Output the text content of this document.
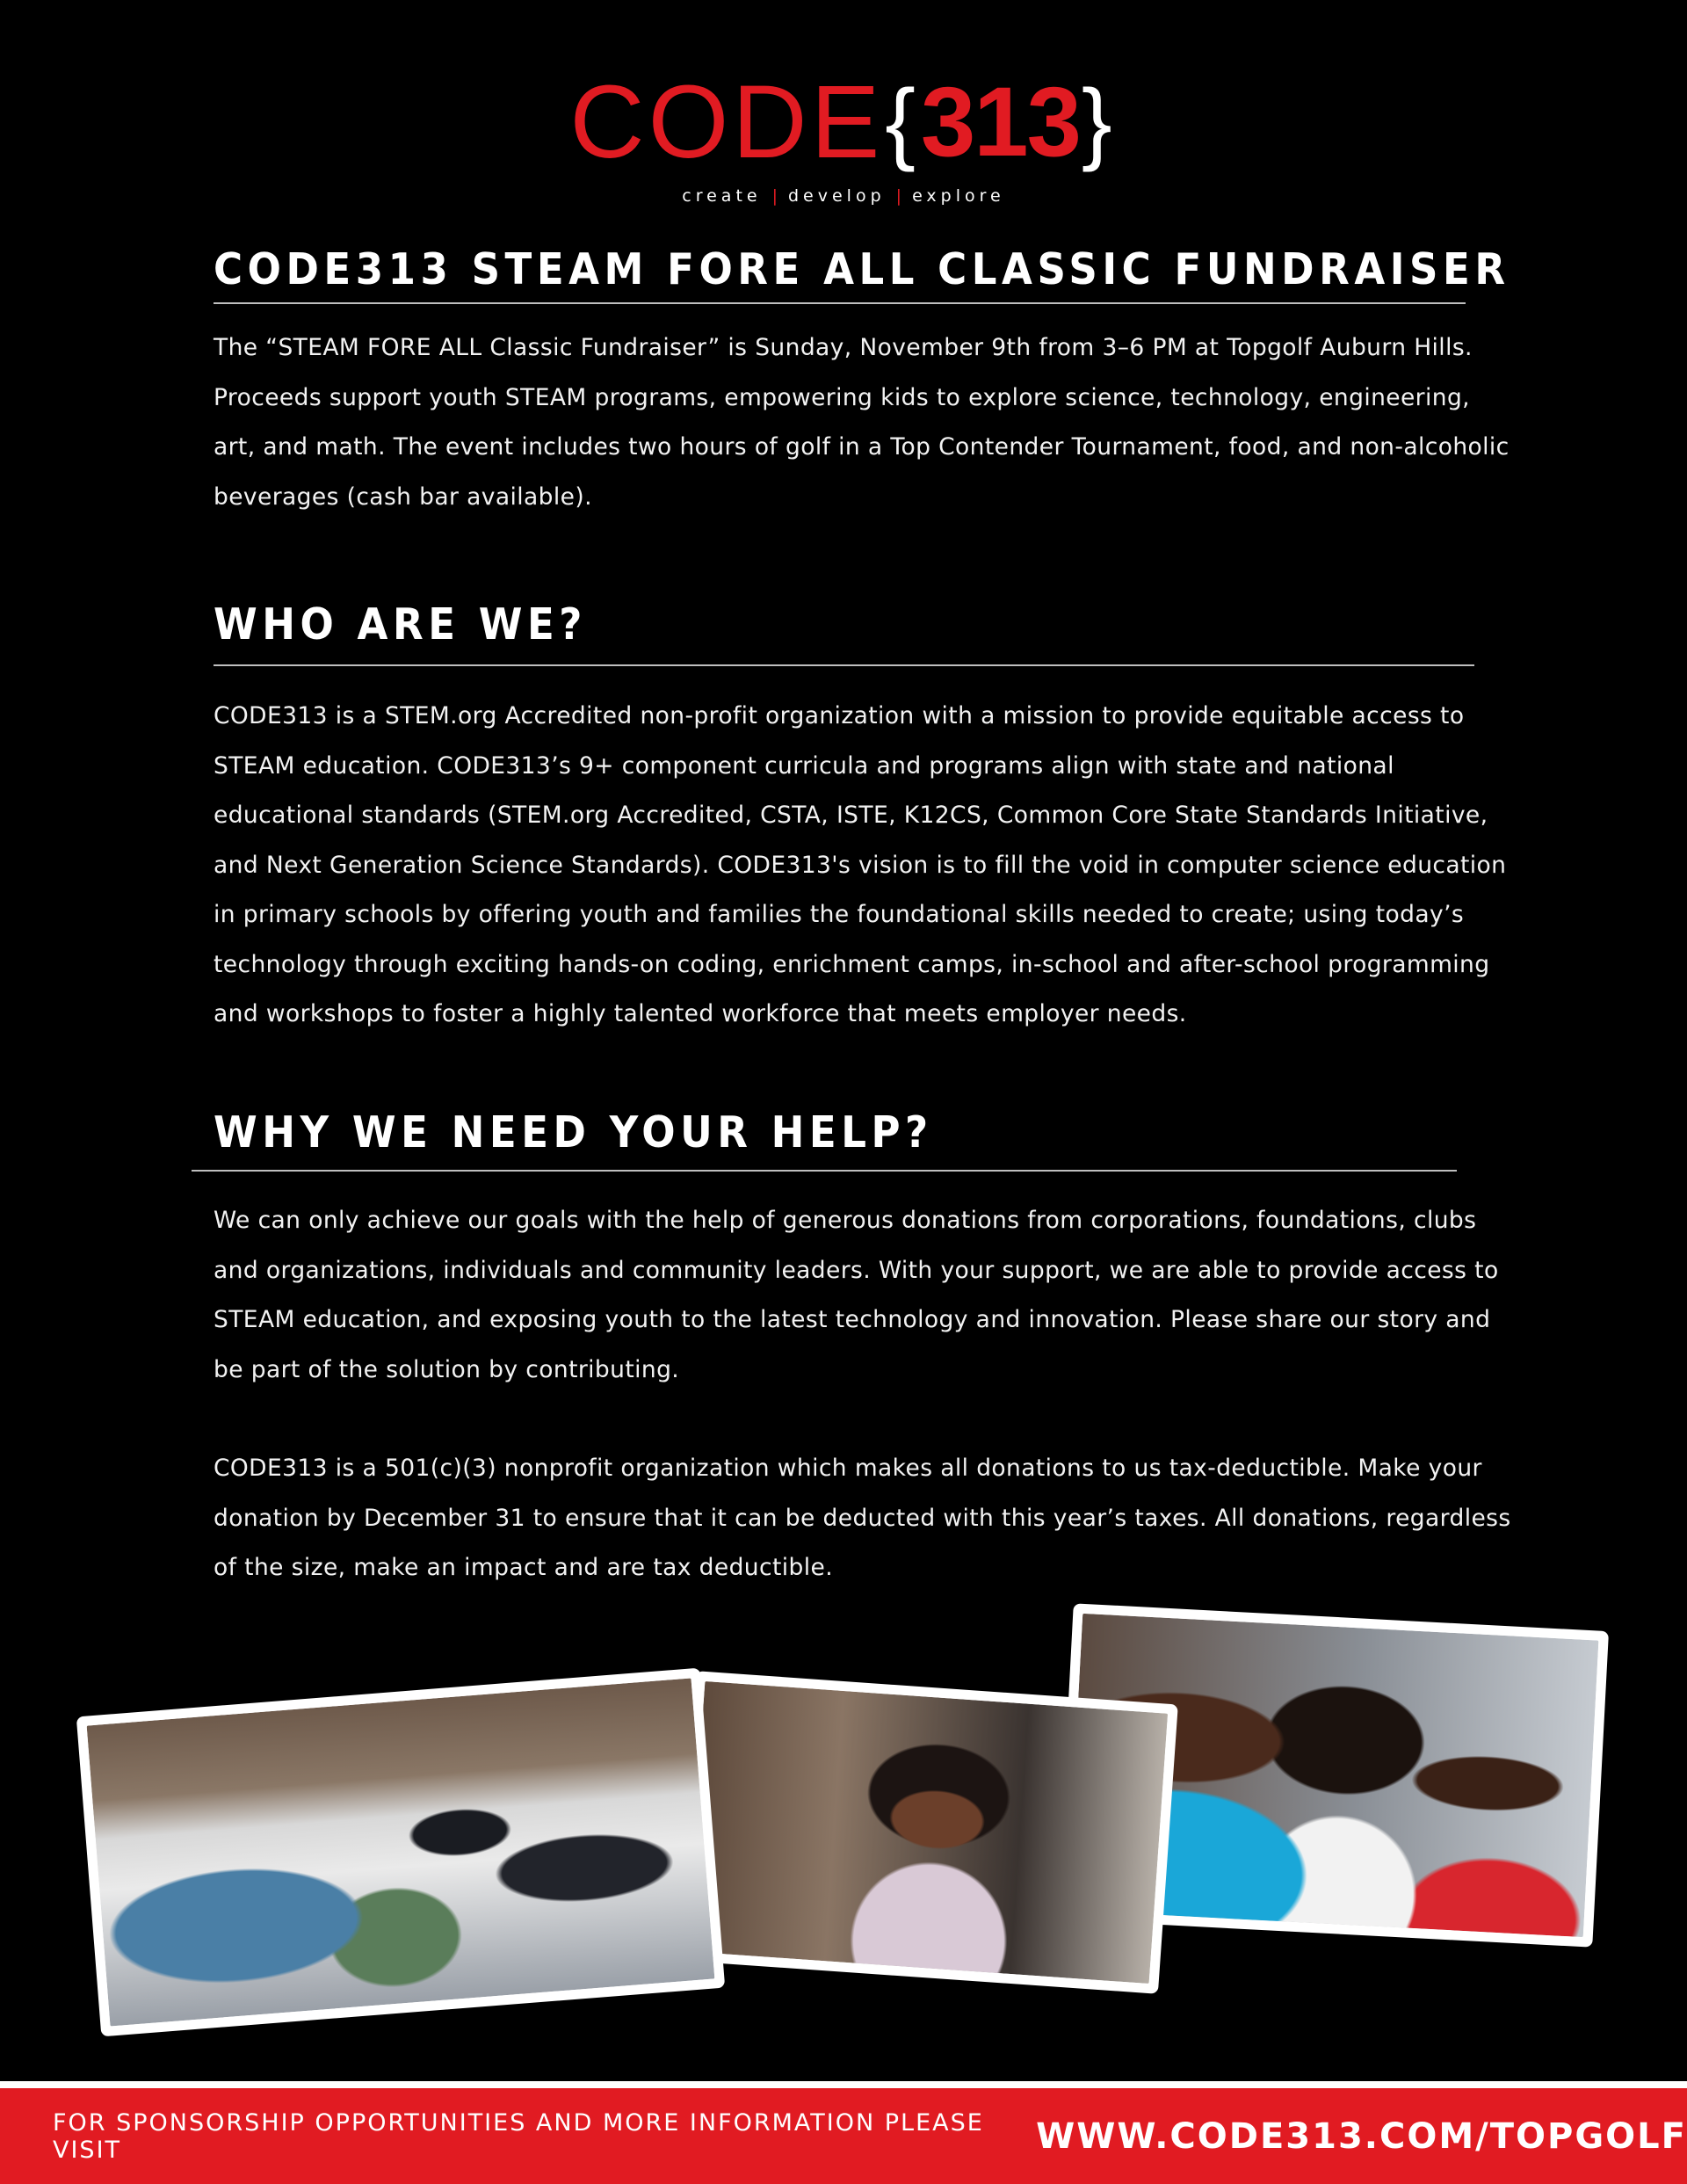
CODE { 313 }
create | develop | explore
CODE313 STEAM FORE ALL CLASSIC FUNDRAISER

The “STEAM FORE ALL Classic Fundraiser” is Sunday, November 9th from 3–6 PM at Topgolf Auburn Hills. Proceeds support youth STEAM programs, empowering kids to explore science, technology, engineering, art, and math. The event includes two hours of golf in a Top Contender Tournament, food, and non-alcoholic beverages (cash bar available).

WHO ARE WE?

CODE313 is a STEM.org Accredited non-profit organization with a mission to provide equitable access to STEAM education. CODE313’s 9+ component curricula and programs align with state and national educational standards (STEM.org Accredited, CSTA, ISTE, K12CS, Common Core State Standards Initiative, and Next Generation Science Standards). CODE313's vision is to fill the void in computer science education in primary schools by offering youth and families the foundational skills needed to create; using today’s technology through exciting hands-on coding, enrichment camps, in-school and after-school programming and workshops to foster a highly talented workforce that meets employer needs.

WHY WE NEED YOUR HELP?

We can only achieve our goals with the help of generous donations from corporations, foundations, clubs and organizations, individuals and community leaders. With your support, we are able to provide access to STEAM education, and exposing youth to the latest technology and innovation. Please share our story and be part of the solution by contributing.

CODE313 is a 501(c)(3) nonprofit organization which makes all donations to us tax-deductible. Make your donation by December 31 to ensure that it can be deducted with this year’s taxes. All donations, regardless of the size, make an impact and are tax deductible.

FOR SPONSORSHIP OPPORTUNITIES AND MORE INFORMATION PLEASE VISIT	WWW.CODE313.COM/TOPGOLF
